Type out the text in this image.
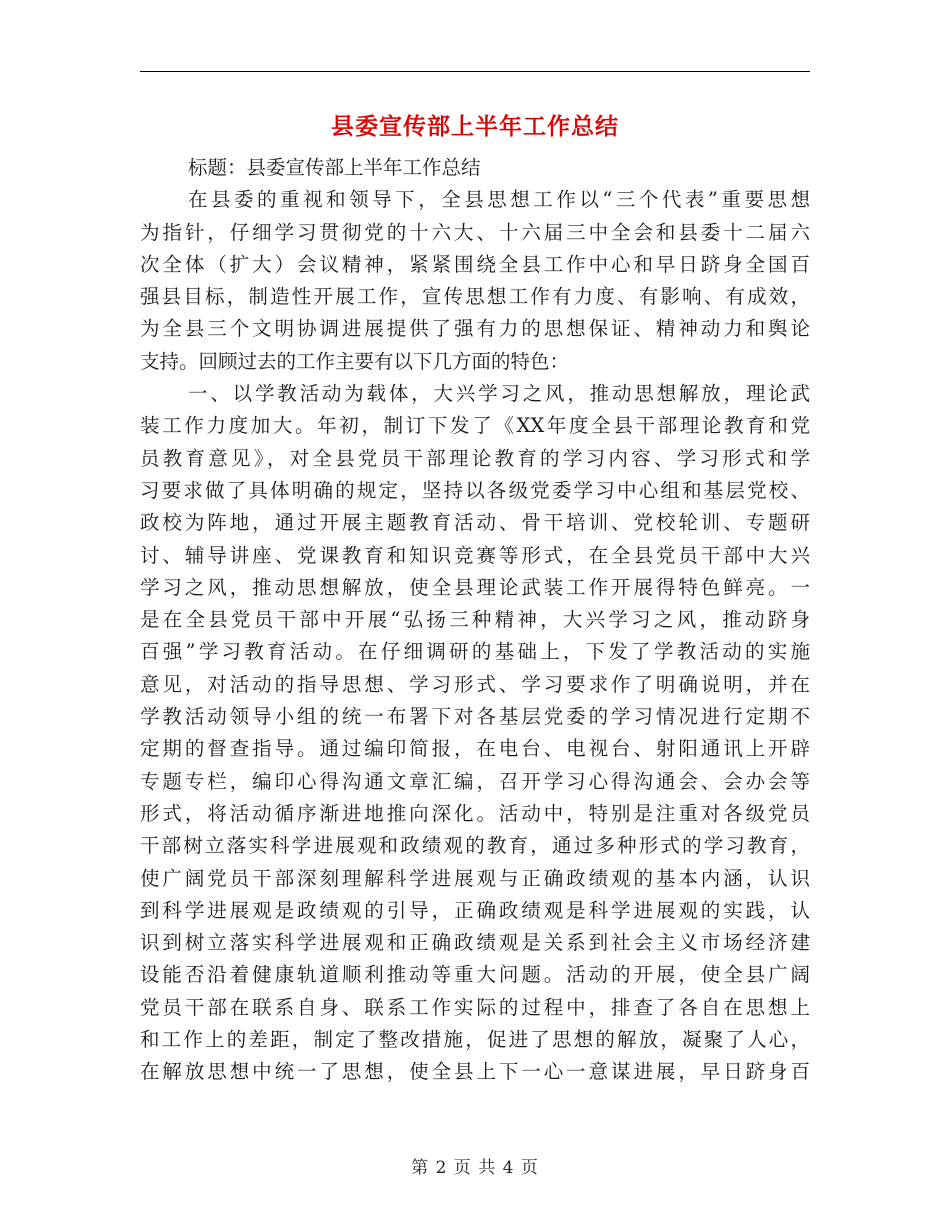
县委宣传部上半年工作总结
标题：县委宣传部上半年工作总结
在县委的重视和领导下，全县思想工作以“三个代表”重要思想
为指针，仔细学习贯彻党的十六大、十六届三中全会和县委十二届六
次全体（扩大）会议精神，紧紧围绕全县工作中心和早日跻身全国百
强县目标，制造性开展工作，宣传思想工作有力度、有影响、有成效，
为全县三个文明协调进展提供了强有力的思想保证、精神动力和舆论
支持。回顾过去的工作主要有以下几方面的特色：
一、以学教活动为载体，大兴学习之风，推动思想解放，理论武
装工作力度加大。年初，制订下发了《XX年度全县干部理论教育和党
员教育意见》，对全县党员干部理论教育的学习内容、学习形式和学
习要求做了具体明确的规定，坚持以各级党委学习中心组和基层党校、
政校为阵地，通过开展主题教育活动、骨干培训、党校轮训、专题研
讨、辅导讲座、党课教育和知识竞赛等形式，在全县党员干部中大兴
学习之风，推动思想解放，使全县理论武装工作开展得特色鲜亮。一
是在全县党员干部中开展“弘扬三种精神，大兴学习之风，推动跻身
百强”学习教育活动。在仔细调研的基础上，下发了学教活动的实施
意见，对活动的指导思想、学习形式、学习要求作了明确说明，并在
学教活动领导小组的统一布署下对各基层党委的学习情况进行定期不
定期的督查指导。通过编印简报，在电台、电视台、射阳通讯上开辟
专题专栏，编印心得沟通文章汇编，召开学习心得沟通会、会办会等
形式，将活动循序渐进地推向深化。活动中，特别是注重对各级党员
干部树立落实科学进展观和政绩观的教育，通过多种形式的学习教育，
使广阔党员干部深刻理解科学进展观与正确政绩观的基本内涵，认识
到科学进展观是政绩观的引导，正确政绩观是科学进展观的实践，认
识到树立落实科学进展观和正确政绩观是关系到社会主义市场经济建
设能否沿着健康轨道顺利推动等重大问题。活动的开展，使全县广阔
党员干部在联系自身、联系工作实际的过程中，排查了各自在思想上
和工作上的差距，制定了整改措施，促进了思想的解放，凝聚了人心，
在解放思想中统一了思想，使全县上下一心一意谋进展，早日跻身百
第 2 页 共 4 页
